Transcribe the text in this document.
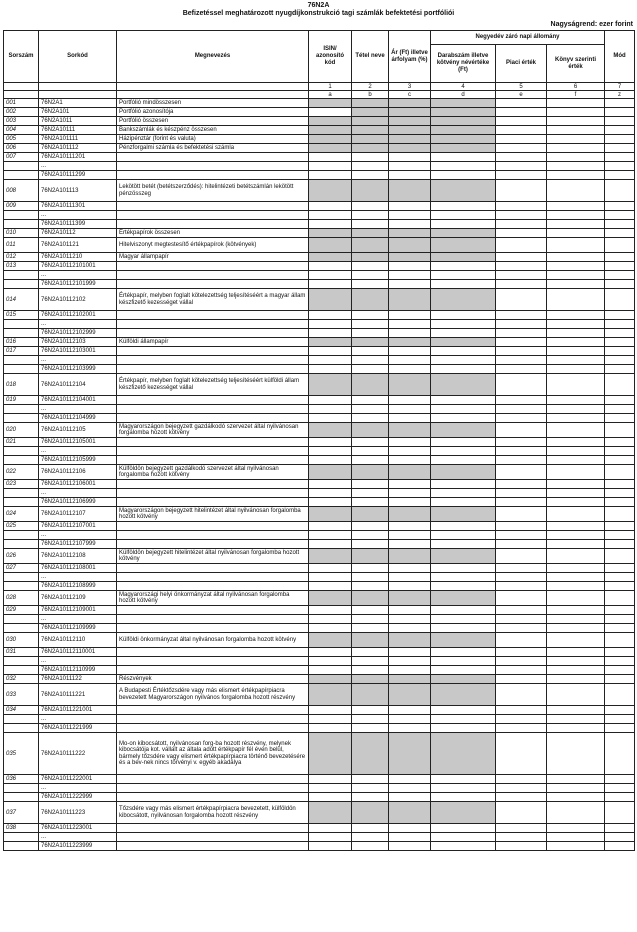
76N2A
Befizetéssel meghatározott nyugdíjkonstrukció tagi számlák befektetési portfóliói
Nagyságrend: ezer forint
Sorszám	Sorkód	Megnevezés	ISIN/ azonosító kód	Tétel neve	Ár (Ft) illetve árfolyam (%)	Negyedév záró napi állomány			Mód
						Darabszám illetve kötvény névértéke (Ft)	Piaci érték	Könyv szerinti érték	
			1	2	3	4	5	6	7
			a	b	c	d	e	f	z
001	76N2A1	Portfólió mindösszesen							
002	76N2A101	Portfólió azonosítója							
003	76N2A1011	Portfólió összesen							
004	76N2A10111	Bankszámlák és készpénz összesen							
005	76N2A101111	Házipénztár (forint és valuta)							
006	76N2A101112	Pénzforgalmi számla és befektetési számla							
007	76N2A10111201								
	...								
	76N2A10111299								
008	76N2A101113	Lekötött betét (betétszerződés): hitelintézeti betétszámlán lekötött pénzösszeg							
009	76N2A10111301								
	...								
	76N2A10111399								
010	76N2A10112	Értékpapírok összesen							
011	76N2A101121	Hitelviszonyt megtestesítő értékpapírok (kötvények)							
012	76N2A1011210	Magyar állampapír							
013	76N2A10112101001								
	...								
	76N2A10112101999								
014	76N2A10112102	Értékpapír, melyben foglalt kötelezettség teljesítéséért a magyar állam készfizető kezességet vállal							
015	76N2A10112102001								
	...								
	76N2A10112102999								
016	76N2A10112103	Külföldi állampapír							
017	76N2A10112103001								
	...								
	76N2A10112103999								
018	76N2A10112104	Értékpapír, melyben foglalt kötelezettség teljesítéséért külföldi állam készfizető kezességet vállal							
019	76N2A10112104001								
	...								
	76N2A10112104999								
020	76N2A10112105	Magyarországon bejegyzett gazdálkodó szervezet által nyilvánosan forgalomba hozott kötvény							
021	76N2A10112105001								
	...								
	76N2A10112105999								
022	76N2A10112106	Külföldön bejegyzett gazdálkodó szervezet által nyilvánosan forgalomba hozott kötvény							
023	76N2A10112106001								
	...								
	76N2A10112106999								
024	76N2A10112107	Magyarországon bejegyzett hitelintézet által nyilvánosan forgalomba hozott kötvény							
025	76N2A10112107001								
	...								
	76N2A10112107999								
026	76N2A10112108	Külföldön bejegyzett hitelintézet által nyilvánosan forgalomba hozott kötvény							
027	76N2A10112108001								
	...								
	76N2A10112108999								
028	76N2A10112109	Magyarországi helyi önkormányzat által nyilvánosan forgalomba hozott kötvény							
029	76N2A10112109001								
	...								
	76N2A10112109999								
030	76N2A10112110	Külföldi önkormányzat által nyilvánosan forgalomba hozott kötvény							
031	76N2A10112110001								
	...								
	76N2A10112110999								
032	76N2A1011122	Részvények							
033	76N2A10111221	A Budapesti Értéktőzsdére vagy más elismert értékpapírpiacra bevezetett Magyarországon nyilvános forgalomba hozott részvény							
034	76N2A1011221001								
	...								
	76N2A1011221999								
035	76N2A10111222	Mo-on kibocsátott, nyilvánosan forg-ba hozott részvény, melynek kibocsátója kot. vállalt az általa adott értékpapír fél éven belül, bármely tőzsdére vagy elismert értékpapírpiacra történő bevezetésére és a bev-nek nincs törvényi v. egyéb akadálya							
036	76N2A1011222001								
	...								
	76N2A1011222999								
037	76N2A10111223	Tőzsdére vagy más elismert értékpapírpiacra bevezetett, külföldön kibocsátott, nyilvánosan forgalomba hozott részvény							
038	76N2A1011223001								
	...								
	76N2A1011223999								
